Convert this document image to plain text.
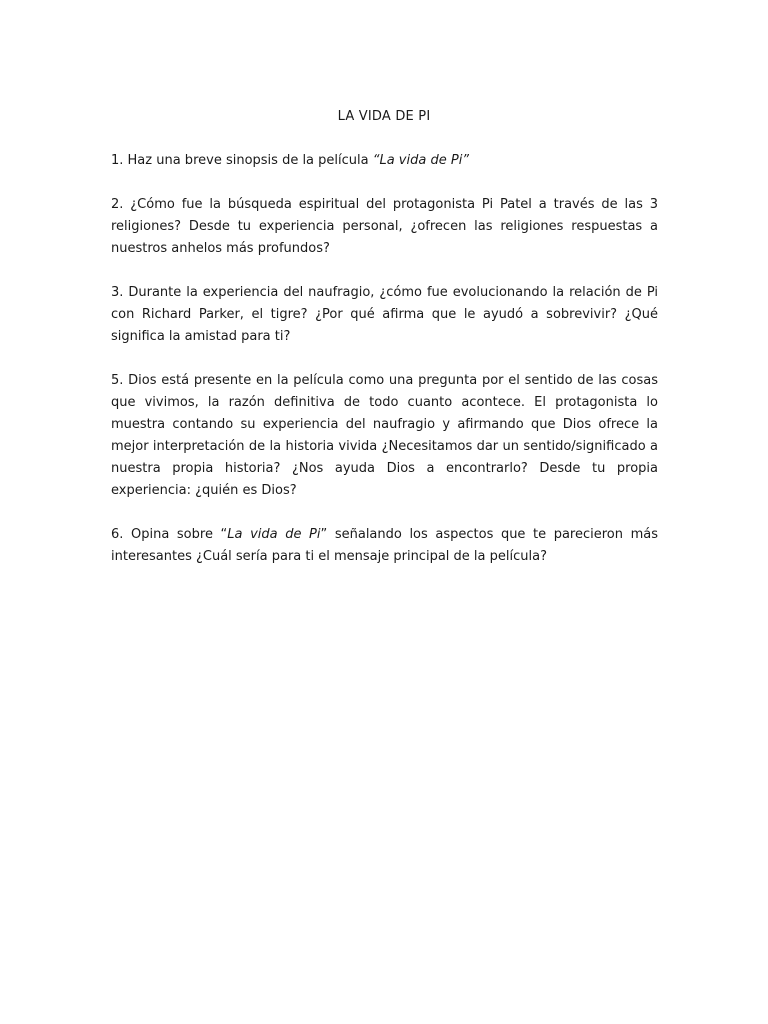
LA VIDA DE PI

1. Haz una breve sinopsis de la película “La vida de Pi”

2. ¿Cómo fue la búsqueda espiritual del protagonista Pi Patel a través de las 3 religiones? Desde tu experiencia personal, ¿ofrecen las religiones respuestas a nuestros anhelos más profundos?

3. Durante la experiencia del naufragio, ¿cómo fue evolucionando la relación de Pi con Richard Parker, el tigre? ¿Por qué afirma que le ayudó a sobrevivir? ¿Qué significa la amistad para ti?

5. Dios está presente en la película como una pregunta por el sentido de las cosas que vivimos, la razón definitiva de todo cuanto acontece. El protagonista lo muestra contando su experiencia del naufragio y afirmando que Dios ofrece la mejor interpretación de la historia vivida ¿Necesitamos dar un sentido/significado a nuestra propia historia? ¿Nos ayuda Dios a encontrarlo? Desde tu propia experiencia: ¿quién es Dios?

6. Opina sobre “La vida de Pi” señalando los aspectos que te parecieron más interesantes ¿Cuál sería para ti el mensaje principal de la película?
